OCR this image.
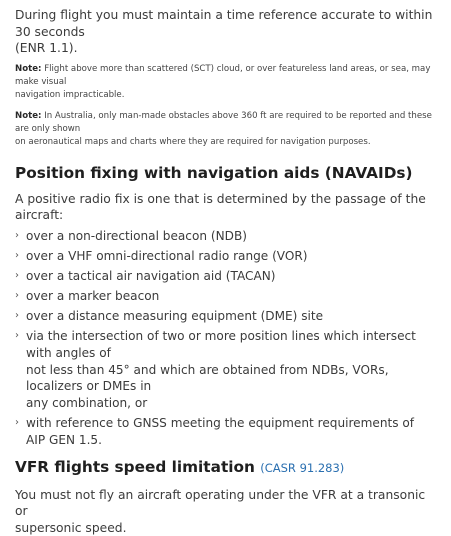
During flight you must maintain a time reference accurate to within 30 seconds
(ENR 1.1).

Note: Flight above more than scattered (SCT) cloud, or over featureless land areas, or sea, may make visual
navigation impracticable.

Note: In Australia, only man-made obstacles above 360 ft are required to be reported and these are only shown
on aeronautical maps and charts where they are required for navigation purposes.

Position fixing with navigation aids (NAVAIDs)

A positive radio fix is one that is determined by the passage of the aircraft:

› over a non-directional beacon (NDB)
› over a VHF omni-directional radio range (VOR)
› over a tactical air navigation aid (TACAN)
› over a marker beacon
› over a distance measuring equipment (DME) site
› via the intersection of two or more position lines which intersect with angles of
not less than 45° and which are obtained from NDBs, VORs, localizers or DMEs in
any combination, or
› with reference to GNSS meeting the equipment requirements of AIP GEN 1.5.
VFR flights speed limitation (CASR 91.283)

You must not fly an aircraft operating under the VFR at a transonic or
supersonic speed.
